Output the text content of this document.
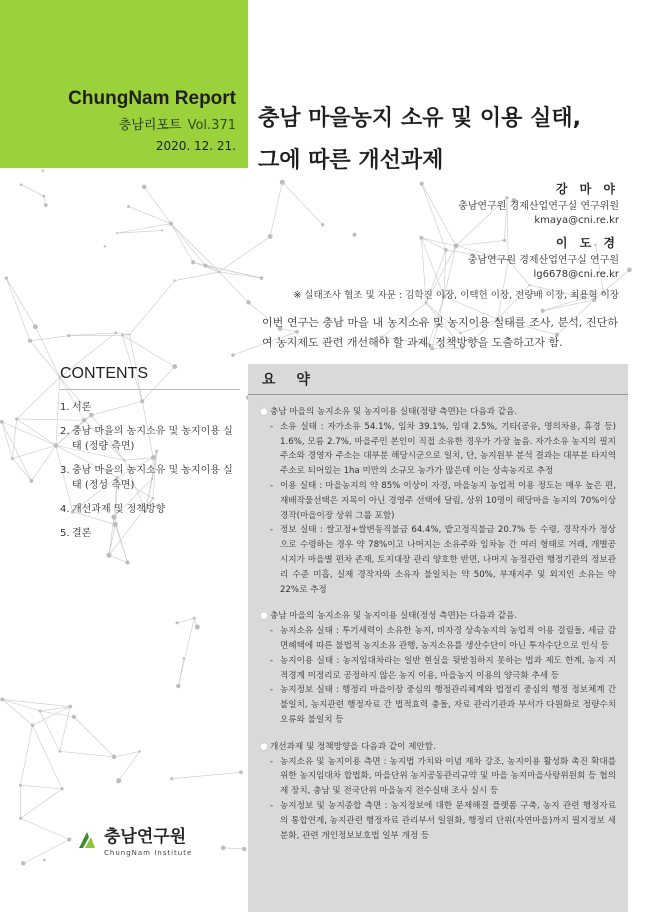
ChungNam Report
충남리포트 Vol.371
2020. 12. 21.
충남 마을농지 소유 및 이용 실태,
그에 따른 개선과제
강 마 야
충남연구원 경제산업연구실 연구위원
kmaya@cni.re.kr
이 도 경
충남연구원 경제산업연구실 연구원
lg6678@cni.re.kr
※ 실태조사 협조 및 자문 : 김학진 이장, 이택헌 이장, 전량배 이장, 최용혁 이장
이번 연구는 충남 마을 내 농지소유 및 농지이용 실태를 조사, 분석, 진단하여 농지제도 관련 개선해야 할 과제, 정책방향을 도출하고자 함.
CONTENTS
1. 서론
2. 충남 마을의 농지소유 및 농지이용 실태 (정량 측면)
3. 충남 마을의 농지소유 및 농지이용 실태 (정성 측면)
4. 개선과제 및 정책방향
5. 결론
충남연구원
ChungNam Institute
요 약
● 충남 마을의 농지소유 및 농지이용 실태(정량 측면)는 다음과 같음.
- 소유 실태 : 자가소유 54.1%, 임차 39.1%, 임대 2.5%, 기타(공유, 명의차용, 휴경 등) 1.6%, 모름 2.7%, 마을주민 본인이 직접 소유한 경우가 가장 높음. 자가소유 농지의 필지 주소와 경영자 주소는 대부분 해당시군으로 일치, 단, 농지원부 분석 결과는 대부분 타지역 주소로 되어있는 1ha 미만의 소규모 농가가 많은데 이는 상속농지로 추정
- 이용 실태 : 마을농지의 약 85% 이상이 자경, 마을농지 농업적 이용 정도는 매우 높은 편, 재배작물선택은 지목이 아닌 경영주 선택에 달림, 상위 10명이 해당마을 농지의 70%이상 경작(마을이장 상위 그룹 포함)
- 정보 실태 : 쌀고정+쌀변동직불금 64.4%, 밭고정직불금 20.7% 등 수령, 경작자가 정상으로 수령하는 경우 약 78%이고 나머지는 소유주와 임차농 간 여러 형태로 거래, 개별공시지가 마을별 편차 존재, 토지대장 관리 양호한 반면, 나머지 농정관련 행정기관의 정보관리 수준 미흡, 실제 경작자와 소유자 불일치는 약 50%, 부재지주 및 외지인 소유는 약 22%로 추정
● 충남 마을의 농지소유 및 농지이용 실태(정성 측면)는 다음과 같음.
- 농지소유 실태 : 투기세력이 소유한 농지, 비자경 상속농지의 농업적 이용 걸림돌, 세금 감면혜택에 따른 불법적 농지소유 관행, 농지소유를 생산수단이 아닌 투자수단으로 인식 등
- 농지이용 실태 : 농지임대차라는 일반 현실을 뒷받침하지 못하는 법과 제도 한계, 농지 지적경계 미정리로 공정하지 않은 농지 이용, 마을농지 이용의 양극화 추세 등
- 농지정보 실태 : 행정리 마을이장 중심의 행정관리체계와 법정리 중심의 행정 정보체계 간 불일치, 농지관련 행정자료 간 법적효력 충돌, 자료 관리기관과 부서가 다원화로 정량수치 오류와 불일치 등
● 개선과제 및 정책방향을 다음과 같이 제안함.
- 농지소유 및 농지이용 측면 : 농지법 가치와 이념 재차 강조, 농지이용 활성화 촉진 확대를 위한 농지임대차 합법화, 마을단위 농지공동관리규약 및 마을 농지마을사랑위원회 등 협의제 장치, 충남 및 전국단위 마을농지 전수실태 조사 실시 등
- 농지정보 및 농지종합 측면 : 농지정보에 대한 문제해결 플랫폼 구축, 농지 관련 행정자료의 통합연계, 농지관련 행정자료 관리부서 일원화, 행정리 단위(자연마을)까지 필지정보 세분화, 관련 개인정보보호법 일부 개정 등
